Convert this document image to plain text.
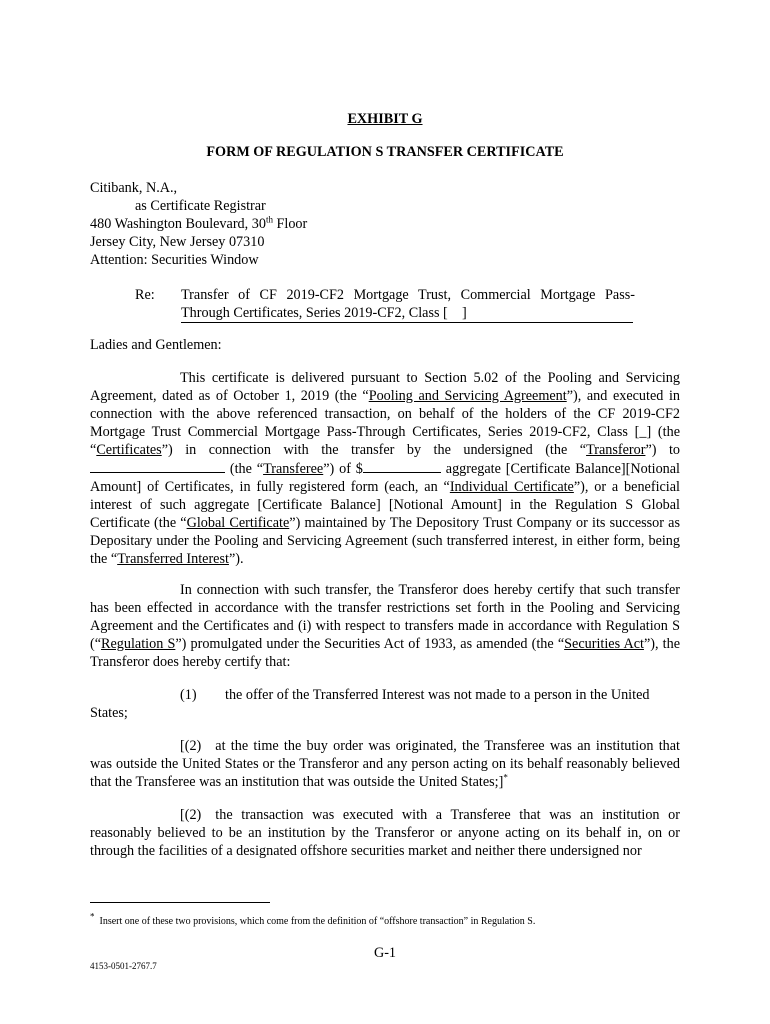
EXHIBIT G
FORM OF REGULATION S TRANSFER CERTIFICATE
Citibank, N.A.,
as Certificate Registrar
480 Washington Boulevard, 30th Floor
Jersey City, New Jersey 07310
Attention: Securities Window
Re: Transfer of CF 2019-CF2 Mortgage Trust, Commercial Mortgage Pass-
Through Certificates, Series 2019-CF2, Class [    ]
Ladies and Gentlemen:
This certificate is delivered pursuant to Section 5.02 of the Pooling and Servicing Agreement, dated as of October 1, 2019 (the “Pooling and Servicing Agreement”), and executed in connection with the above referenced transaction, on behalf of the holders of the CF 2019-CF2 Mortgage Trust Commercial Mortgage Pass-Through Certificates, Series 2019-CF2, Class [_] (the “Certificates”) in connection with the transfer by the undersigned (the “Transferor”) to  (the “Transferee”) of $	aggregate [Certificate Balance][Notional Amount] of Certificates, in fully registered form (each, an “Individual Certificate”), or a beneficial interest of such aggregate [Certificate Balance] [Notional Amount] in the Regulation S Global Certificate (the “Global Certificate”) maintained by The Depository Trust Company or its successor as Depositary under the Pooling and Servicing Agreement (such transferred interest, in either form, being the “Transferred Interest”).
In connection with such transfer, the Transferor does hereby certify that such transfer has been effected in accordance with the transfer restrictions set forth in the Pooling and Servicing Agreement and the Certificates and (i) with respect to transfers made in accordance with Regulation S (“Regulation S”) promulgated under the Securities Act of 1933, as amended (the “Securities Act”), the Transferor does hereby certify that:
(1) the offer of the Transferred Interest was not made to a person in the United
States;
[(2) at the time the buy order was originated, the Transferee was an institution that was outside the United States or the Transferor and any person acting on its behalf reasonably believed that the Transferee was an institution that was outside the United States;]*
[(2) the transaction was executed with a Transferee that was an institution or reasonably believed to be an institution by the Transferor or anyone acting on its behalf in, on or through the facilities of a designated offshore securities market and neither there undersigned nor
* Insert one of these two provisions, which come from the definition of “offshore transaction” in Regulation S.
G-1
4153-0501-2767.7
